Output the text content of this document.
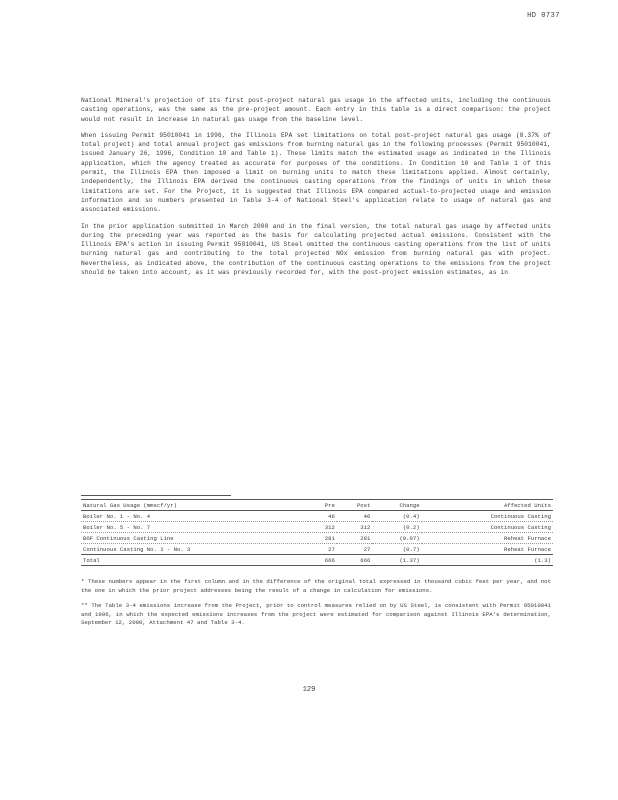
HD 0737

National Mineral's projection of its first post-project natural gas usage in the affected units, including the continuous casting operations, was the same as the pre-project amount. Each entry in this table is a direct comparison: the project would not result in increase in natural gas usage from the baseline level.

When issuing Permit 95010041 in 1996, the Illinois EPA set limitations on total post-project natural gas usage (8.37% of total project) and total annual project gas emissions from burning natural gas in the following processes (Permit 95010041, issued January 26, 1996, Condition 10 and Table 1). These limits match the estimated usage as indicated in the Illinois application, which the agency treated as accurate for purposes of the conditions. In Condition 10 and Table 1 of this permit, the Illinois EPA then imposed a limit on burning units to match these limitations applied. Almost certainly, independently, the Illinois EPA derived the continuous casting operations from the findings of units in which these limitations are set. For the Project, it is suggested that Illinois EPA compared actual-to-projected usage and emission information and so numbers presented in Table 3-4 of National Steel's application relate to usage of natural gas and associated emissions.

In the prior application submitted in March 2000 and in the final version, the total natural gas usage by affected units during the preceding year was reported as the basis for calculating projected actual emissions. Consistent with the Illinois EPA's action in issuing Permit 95010041, US Steel omitted the continuous casting operations from the list of units burning natural gas and contributing to the total projected NOx emission from burning natural gas with project. Nevertheless, as indicated above, the contribution of the continuous casting operations to the emissions from the project should be taken into account, as it was previously recorded for, with the post-project emission estimates, as in

Natural Gas Usage (mmscf/yr)	Pre	Post	Change	Affected Units
Boiler No. 1 - No. 4	46	46	(0.4)	Continuous Casting
Boiler No. 5 - No. 7	312	312	(0.2)	Continuous Casting
BOF Continuous Casting Line	281	281	(0.07)	Reheat Furnace
Continuous Casting No. 1 - No. 3	27	27	(0.7)	Reheat Furnace
Total	666	666	(1.37)	(1.3)

* These numbers appear in the first column and in the difference of the original total expressed in thousand cubic feet per year, and not the one in which the prior project addresses being the result of a change in calculation for emissions.

** The Table 3-4 emissions increase from the Project, prior to control measures relied on by US Steel, is consistent with Permit 95010041 and 1996, in which the expected emissions increases from the project were estimated for comparison against Illinois EPA's determination, September 12, 2000, Attachment 47 and Table 3-4.

129
